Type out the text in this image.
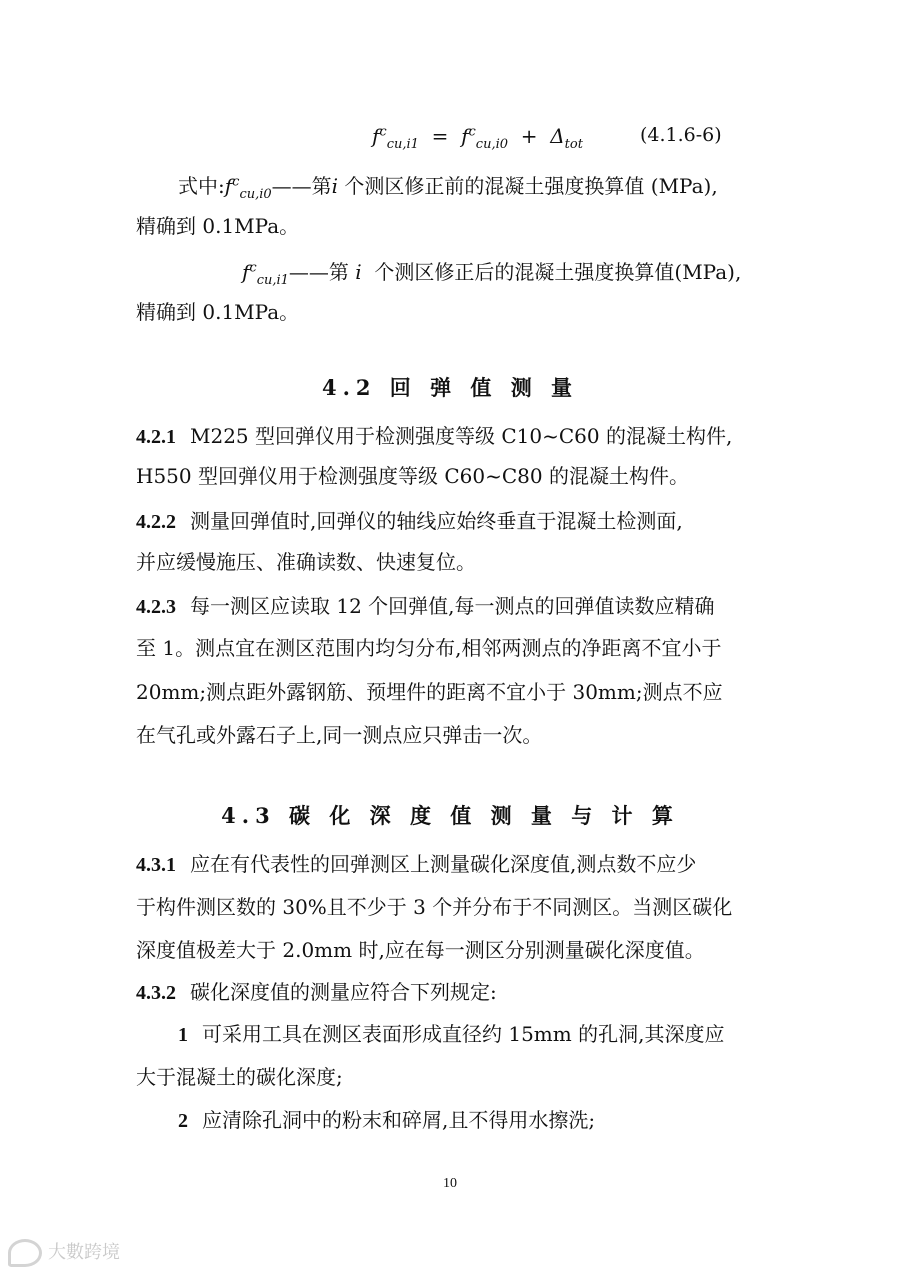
$f^c_{cu,i1} = f^c_{cu,i0} + \Delta_{tot}$	(4.1.6-6)
式中$:f^c_{cu,i0}——$第i 个测区修正前的混凝土强度换算值 (MPa),
精确到 0.1MPa。
$f^c_{cu,i1}——$第 i 个测区修正后的混凝土强度换算值(MPa),
精确到 0.1MPa。
4.2 回 弹 值 测 量
4.2.1 M225 型回弹仪用于检测强度等级 C10~C60 的混凝土构件,
H550 型回弹仪用于检测强度等级 C60~C80 的混凝土构件。
4.2.2 测量回弹值时,回弹仪的轴线应始终垂直于混凝土检测面,
并应缓慢施压、准确读数、快速复位。
4.2.3 每一测区应读取 12 个回弹值,每一测点的回弹值读数应精确
至 1。测点宜在测区范围内均匀分布,相邻两测点的净距离不宜小于
20mm;测点距外露钢筋、预埋件的距离不宜小于 30mm;测点不应
在气孔或外露石子上,同一测点应只弹击一次。
4.3 碳 化 深 度 值 测 量 与 计 算
4.3.1 应在有代表性的回弹测区上测量碳化深度值,测点数不应少
于构件测区数的 30%且不少于 3 个并分布于不同测区。当测区碳化
深度值极差大于 2.0mm 时,应在每一测区分别测量碳化深度值。
4.3.2 碳化深度值的测量应符合下列规定:
1 可采用工具在测区表面形成直径约 15mm 的孔洞,其深度应
大于混凝土的碳化深度;
2 应清除孔洞中的粉末和碎屑,且不得用水擦洗;
10
大數跨境
